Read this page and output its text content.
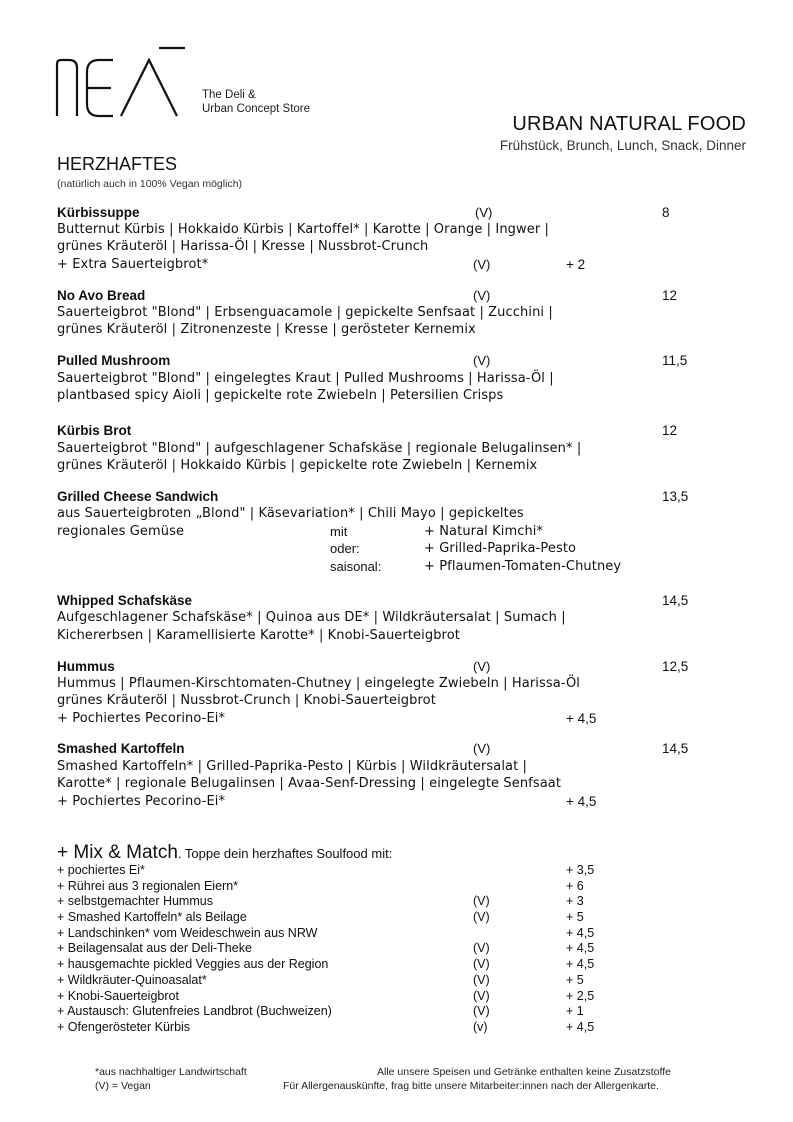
The Deli &
Urban Concept Store
URBAN NATURAL FOOD
Frühstück, Brunch, Lunch, Snack, Dinner
HERZHAFTES
(natürlich auch in 100% Vegan möglich)
Kürbissuppe	(V)	8
Butternut Kürbis | Hokkaido Kürbis | Kartoffel* | Karotte | Orange | Ingwer |
grünes Kräuteröl | Harissa-Öl | Kresse | Nussbrot-Crunch
+ Extra Sauerteigbrot*	(V)	+ 2
No Avo Bread	(V)	12
Sauerteigbrot "Blond" | Erbsenguacamole | gepickelte Senfsaat | Zucchini |
grünes Kräuteröl | Zitronenzeste | Kresse | gerösteter Kernemix
Pulled Mushroom	(V)	11,5
Sauerteigbrot "Blond" | eingelegtes Kraut | Pulled Mushrooms | Harissa-Öl |
plantbased spicy Aioli | gepickelte rote Zwiebeln | Petersilien Crisps
Kürbis Brot	12
Sauerteigbrot "Blond" | aufgeschlagener Schafskäse | regionale Belugalinsen* |
grünes Kräuteröl | Hokkaido Kürbis | gepickelte rote Zwiebeln | Kernemix
Grilled Cheese Sandwich	13,5
aus Sauerteigbroten „Blond" | Käsevariation* | Chili Mayo | gepickeltes
regionales Gemüse	mit	+ Natural Kimchi*
oder:	+ Grilled-Paprika-Pesto
saisonal:	+ Pflaumen-Tomaten-Chutney
Whipped Schafskäse	14,5
Aufgeschlagener Schafskäse* | Quinoa aus DE* | Wildkräutersalat | Sumach |
Kichererbsen | Karamellisierte Karotte* | Knobi-Sauerteigbrot
Hummus	(V)	12,5
Hummus | Pflaumen-Kirschtomaten-Chutney | eingelegte Zwiebeln | Harissa-Öl
grünes Kräuteröl | Nussbrot-Crunch | Knobi-Sauerteigbrot
+ Pochiertes Pecorino-Ei*	+ 4,5
Smashed Kartoffeln	(V)	14,5
Smashed Kartoffeln* | Grilled-Paprika-Pesto | Kürbis | Wildkräutersalat |
Karotte* | regionale Belugalinsen | Avaa-Senf-Dressing | eingelegte Senfsaat
+ Pochiertes Pecorino-Ei*	+ 4,5
+ Mix & Match. Toppe dein herzhaftes Soulfood mit:
+ pochiertes Ei*	+ 3,5
+ Rührei aus 3 regionalen Eiern*	+ 6
+ selbstgemachter Hummus	(V)	+ 3
+ Smashed Kartoffeln* als Beilage	(V)	+ 5
+ Landschinken* vom Weideschwein aus NRW	+ 4,5
+ Beilagensalat aus der Deli-Theke	(V)	+ 4,5
+ hausgemachte pickled Veggies aus der Region	(V)	+ 4,5
+ Wildkräuter-Quinoasalat*	(V)	+ 5
+ Knobi-Sauerteigbrot	(V)	+ 2,5
+ Austausch: Glutenfreies Landbrot (Buchweizen)	(V)	+ 1
+ Ofengerösteter Kürbis	(v)	+ 4,5
*aus nachhaltiger Landwirtschaft
(V) = Vegan
Alle unsere Speisen und Getränke enthalten keine Zusatzstoffe
Für Allergenauskünfte, frag bitte unsere Mitarbeiter:innen nach der Allergenkarte.
